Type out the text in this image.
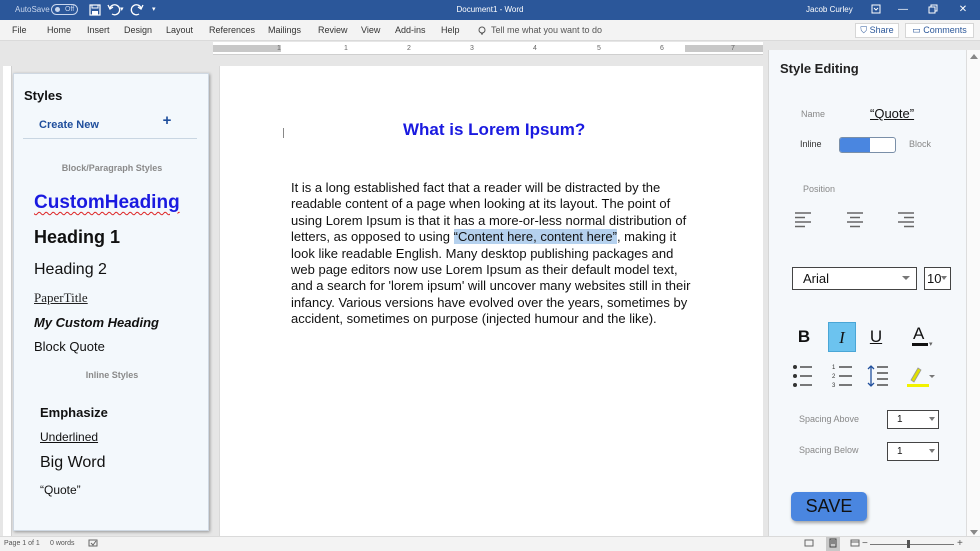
AutoSave	Off	▾	▾	Document1 - Word	Jacob Curley	—	✕
File Home Insert Design Layout References Mailings Review View Add-ins Help	Tell me what you want to do	⛉ Share	▭ Comments
1	1	2	3	4	5	6	7
Styles
Create New	+
Block/Paragraph Styles
CustomHeading
Heading 1
Heading 2
PaperTitle
My Custom Heading
Block Quote
Inline Styles
Emphasize
Underlined
Big Word
“Quote”
What is Lorem Ipsum?
It is a long established fact that a reader will be distracted by the readable content of a page when looking at its layout. The point of using Lorem Ipsum is that it has a more-or-less normal distribution of letters, as opposed to using “Content here, content here”, making it look like readable English. Many desktop publishing packages and web page editors now use Lorem Ipsum as their default model text, and a search for 'lorem ipsum' will uncover many websites still in their infancy. Various versions have evolved over the years, sometimes by accident, sometimes on purpose (injected humour and the like).
Style Editing
Name	“Quote”
Inline	Block
Position
Arial	10
B	I	U	A
▾
1
2
3
Spacing Above	1
Spacing Below	1
SAVE
Page 1 of 1 0 words	−	+
